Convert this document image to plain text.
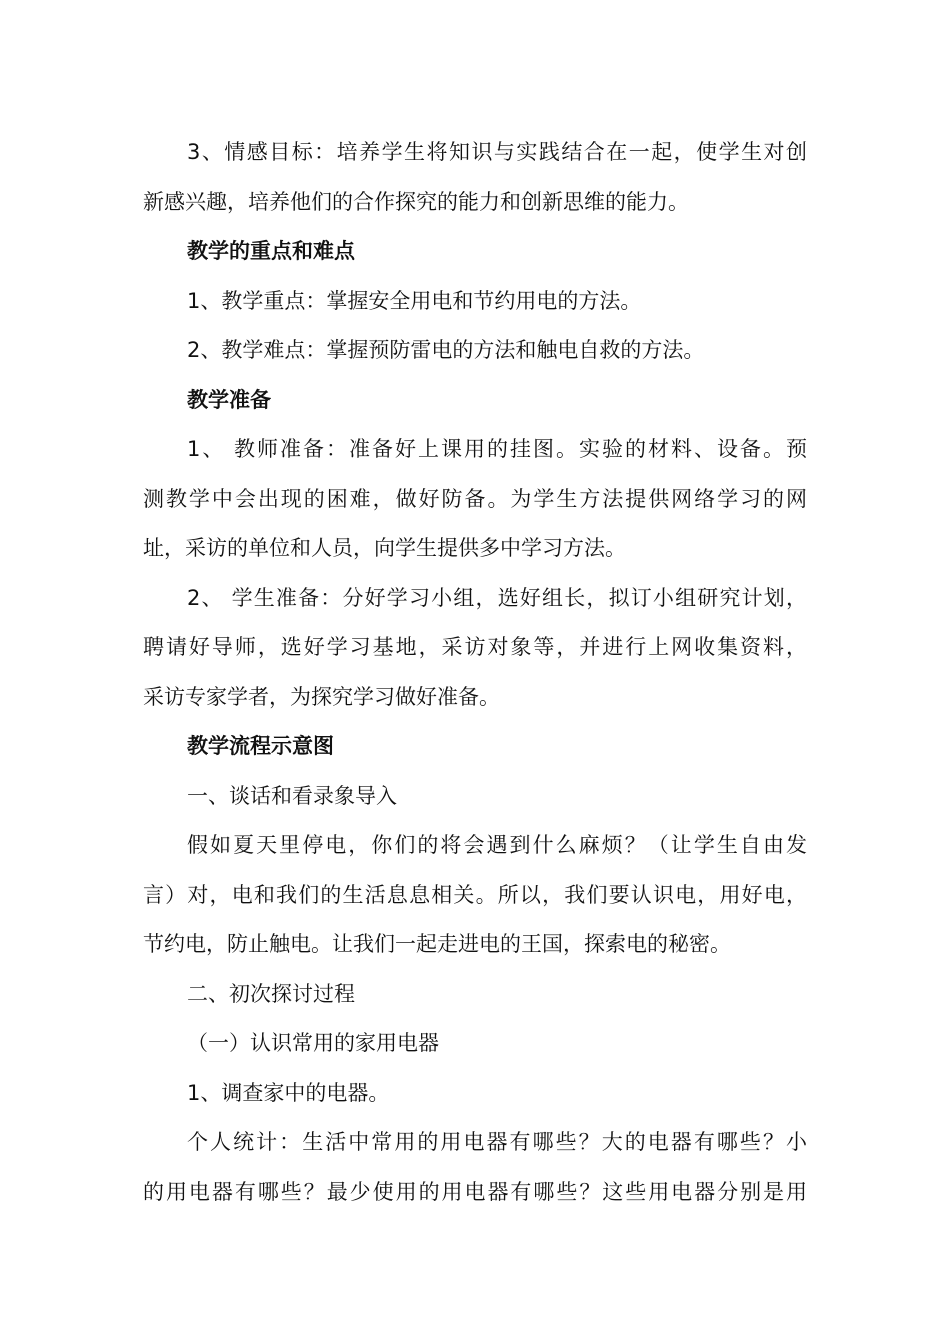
3、情感目标：培养学生将知识与实践结合在一起，使学生对创
新感兴趣，培养他们的合作探究的能力和创新思维的能力。
教学的重点和难点
1、教学重点：掌握安全用电和节约用电的方法。
2、教学难点：掌握预防雷电的方法和触电自救的方法。
教学准备
1、 教师准备：准备好上课用的挂图。实验的材料、设备。预
测教学中会出现的困难，做好防备。为学生方法提供网络学习的网
址，采访的单位和人员，向学生提供多中学习方法。
2、 学生准备：分好学习小组，选好组长，拟订小组研究计划，
聘请好导师，选好学习基地，采访对象等，并进行上网收集资料，
采访专家学者，为探究学习做好准备。
教学流程示意图
一、谈话和看录象导入
假如夏天里停电，你们的将会遇到什么麻烦？（让学生自由发
言）对，电和我们的生活息息相关。所以，我们要认识电，用好电，
节约电，防止触电。让我们一起走进电的王国，探索电的秘密。
二、初次探讨过程
（一）认识常用的家用电器
1、调查家中的电器。
个人统计：生活中常用的用电器有哪些？大的电器有哪些？小
的用电器有哪些？最少使用的用电器有哪些？这些用电器分别是用
